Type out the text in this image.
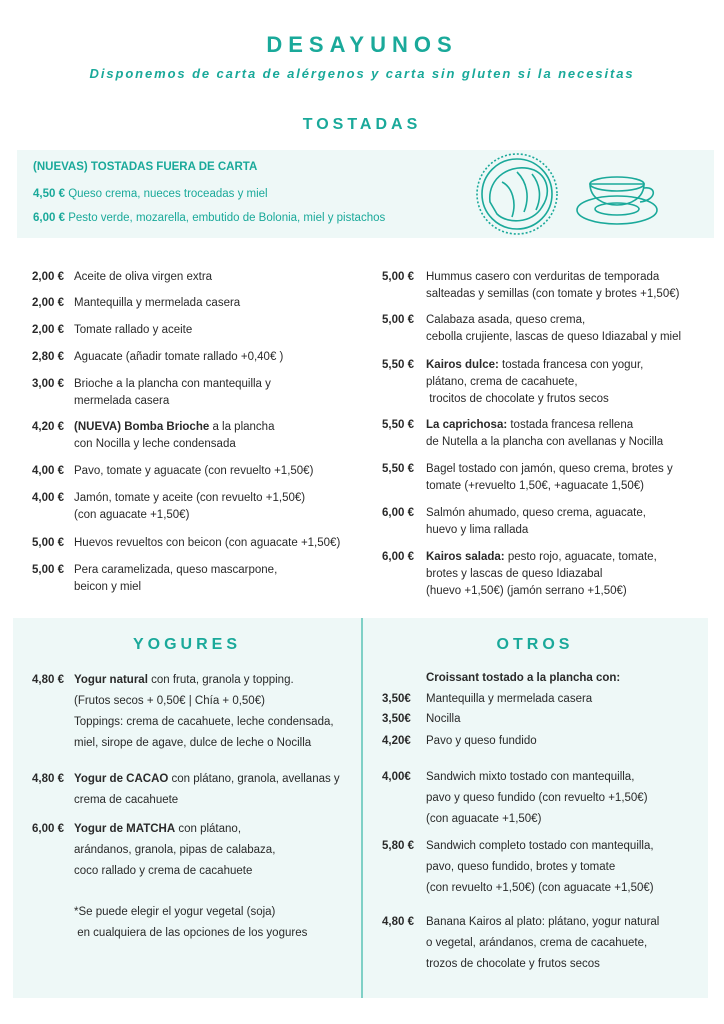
DESAYUNOS
Disponemos de carta de alérgenos y carta sin gluten si la necesitas
TOSTADAS
(NUEVAS) TOSTADAS FUERA DE CARTA
4,50 € Queso crema, nueces troceadas y miel
6,00 € Pesto verde, mozarella, embutido de Bolonia, miel y pistachos
2,00 € Aceite de oliva virgen extra
2,00 € Mantequilla y mermelada casera
2,00 € Tomate rallado y aceite
2,80 € Aguacate (añadir tomate rallado +0,40€ )
3,00 € Brioche a la plancha con mantequilla y
mermelada casera
4,20 € (NUEVA) Bomba Brioche a la plancha
con Nocilla y leche condensada
4,00 € Pavo, tomate y aguacate (con revuelto +1,50€)
4,00 € Jamón, tomate y aceite (con revuelto +1,50€)
(con aguacate +1,50€)
5,00 € Huevos revueltos con beicon (con aguacate +1,50€)
5,00 € Pera caramelizada, queso mascarpone,
beicon y miel
5,00 € Hummus casero con verduritas de temporada
salteadas y semillas (con tomate y brotes +1,50€)
5,00 € Calabaza asada, queso crema,
cebolla crujiente, lascas de queso Idiazabal y miel
5,50 € Kairos dulce: tostada francesa con yogur,
plátano, crema de cacahuete,
trocitos de chocolate y frutos secos
5,50 € La caprichosa: tostada francesa rellena
de Nutella a la plancha con avellanas y Nocilla
5,50 € Bagel tostado con jamón, queso crema, brotes y
tomate (+revuelto 1,50€, +aguacate 1,50€)
6,00 € Salmón ahumado, queso crema, aguacate,
huevo y lima rallada
6,00 € Kairos salada: pesto rojo, aguacate, tomate,
brotes y lascas de queso Idiazabal
(huevo +1,50€) (jamón serrano +1,50€)
YOGURES	OTROS
4,80 € Yogur natural con fruta, granola y topping.
(Frutos secos + 0,50€ | Chía + 0,50€)
Toppings: crema de cacahuete, leche condensada,
miel, sirope de agave, dulce de leche o Nocilla
4,80 € Yogur de CACAO con plátano, granola, avellanas y
crema de cacahuete
6,00 € Yogur de MATCHA con plátano,
arándanos, granola, pipas de calabaza,
coco rallado y crema de cacahuete
*Se puede elegir el yogur vegetal (soja)
en cualquiera de las opciones de los yogures
Croissant tostado a la plancha con:
3,50€ Mantequilla y mermelada casera
3,50€ Nocilla
4,20€ Pavo y queso fundido
4,00€ Sandwich mixto tostado con mantequilla,
pavo y queso fundido (con revuelto +1,50€)
(con aguacate +1,50€)
5,80 € Sandwich completo tostado con mantequilla,
pavo, queso fundido, brotes y tomate
(con revuelto +1,50€) (con aguacate +1,50€)
4,80 € Banana Kairos al plato: plátano, yogur natural
o vegetal, arándanos, crema de cacahuete,
trozos de chocolate y frutos secos
